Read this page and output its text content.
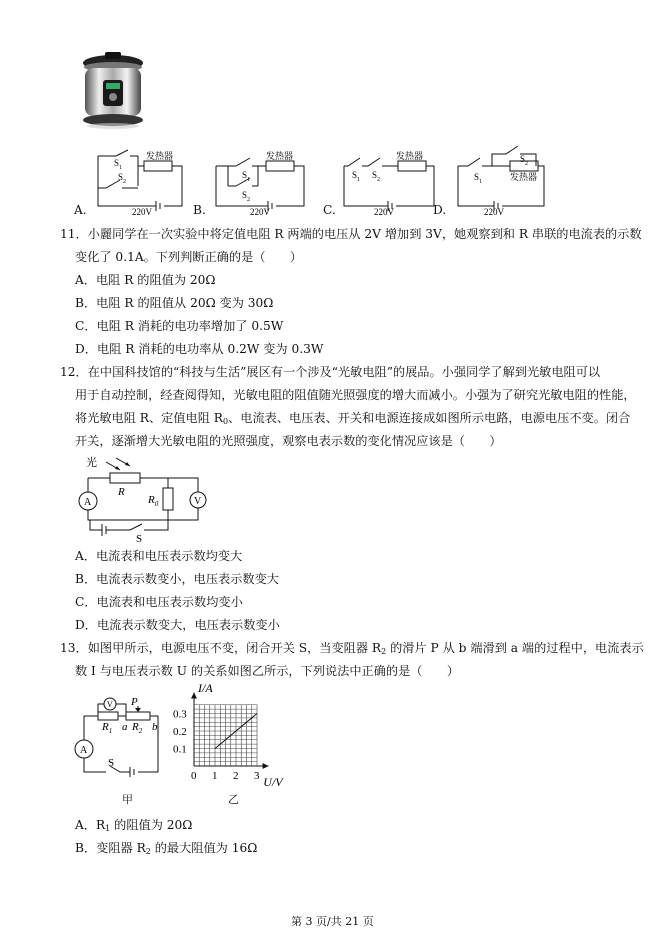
A.
$S_1$
$S_2$
发热器
220V	B.
$S_1$
$S_2$
发热器
220V	C.
$S_1$ $S_2$
发热器
220V	D.
$S_1$
$S_2$
发热器
220V
11．小麗同学在一次实验中将定值电阻 R 两端的电压从 2V 增加到 3V，她观察到和 R 串联的电流表的示数
变化了 0.1A。下列判断正确的是（　　）
A．电阻 R 的阻值为 20Ω
B．电阻 R 的阻值从 20Ω 变为 30Ω
C．电阻 R 消耗的电功率增加了 0.5W
D．电阻 R 消耗的电功率从 0.2W 变为 0.3W
12．在中国科技馆的“科技与生活”展区有一个涉及“光敏电阻”的展品。小强同学了解到光敏电阻可以
用于自动控制，经查阅得知，光敏电阻的阻值随光照强度的增大而减小。小强为了研究光敏电阻的性能，
将光敏电阻 R、定值电阻 $R_0$、电流表、电压表、开关和电源连接成如图所示电路，电源电压不变。闭合
开关，逐渐增大光敏电阻的光照强度，观察电表示数的变化情况应该是（　　）
光
R
$R_0$
A	V
S
A．电流表和电压表示数均变大
B．电流表示数变小，电压表示数变大
C．电流表和电压表示数均变小
D．电流表示数变大，电压表示数变小
13．如图甲所示，电源电压不变，闭合开关 S，当变阻器 $R_2$ 的滑片 P 从 b 端滑到 a 端的过程中，电流表示
数 I 与电压表示数 U 的关系如图乙所示，下列说法中正确的是（　　）
V
A
$R_1$ a $R_2$ b
P
S
甲
0 1 2 3
0.1
0.2
0.3
I/A
U/V
乙
A．$R_1$ 的阻值为 20Ω
B．变阻器 $R_2$ 的最大阻值为 16Ω
第 3 页/共 21 页
